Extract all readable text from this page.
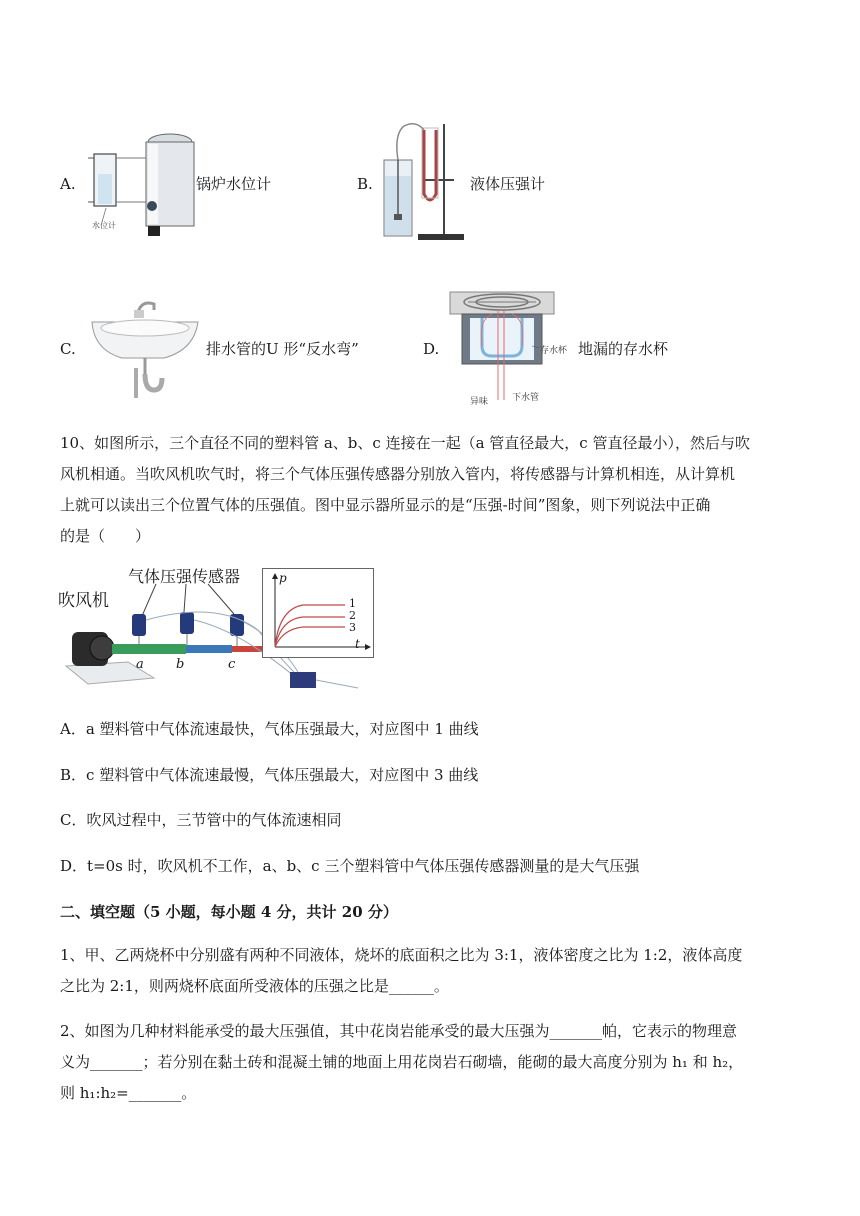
A.
水位计
锅炉水位计	B.	液体压强计
C.	排水管的U 形“反水弯”	D.	存水杯
异味	下水管
地漏的存水杯
10、如图所示，三个直径不同的塑料管 a、b、c 连接在一起（a 管直径最大，c 管直径最小），然后与吹
风机相通。当吹风机吹气时，将三个气体压强传感器分别放入管内，将传感器与计算机相连，从计算机
上就可以读出三个位置气体的压强值。图中显示器所显示的是“压强-时间”图象，则下列说法中正确
的是（　　）
吹风机
气体压强传感器
a b	c
p
t
1
2
3
A．a 塑料管中气体流速最快，气体压强最大，对应图中 1 曲线
B．c 塑料管中气体流速最慢，气体压强最大，对应图中 3 曲线
C．吹风过程中，三节管中的气体流速相同
D．t=0s 时，吹风机不工作，a、b、c 三个塑料管中气体压强传感器测量的是大气压强
二、填空题（5 小题，每小题 4 分，共计 20 分）
1、甲、乙两烧杯中分别盛有两种不同液体，烧坏的底面积之比为 3:1，液体密度之比为 1:2，液体高度
之比为 2:1，则两烧杯底面所受液体的压强之比是______。
2、如图为几种材料能承受的最大压强值，其中花岗岩能承受的最大压强为_______帕，它表示的物理意
义为_______；若分别在黏土砖和混凝土铺的地面上用花岗岩石砌墙，能砌的最大高度分别为 h₁ 和 h₂，
则 h₁:h₂=_______。
